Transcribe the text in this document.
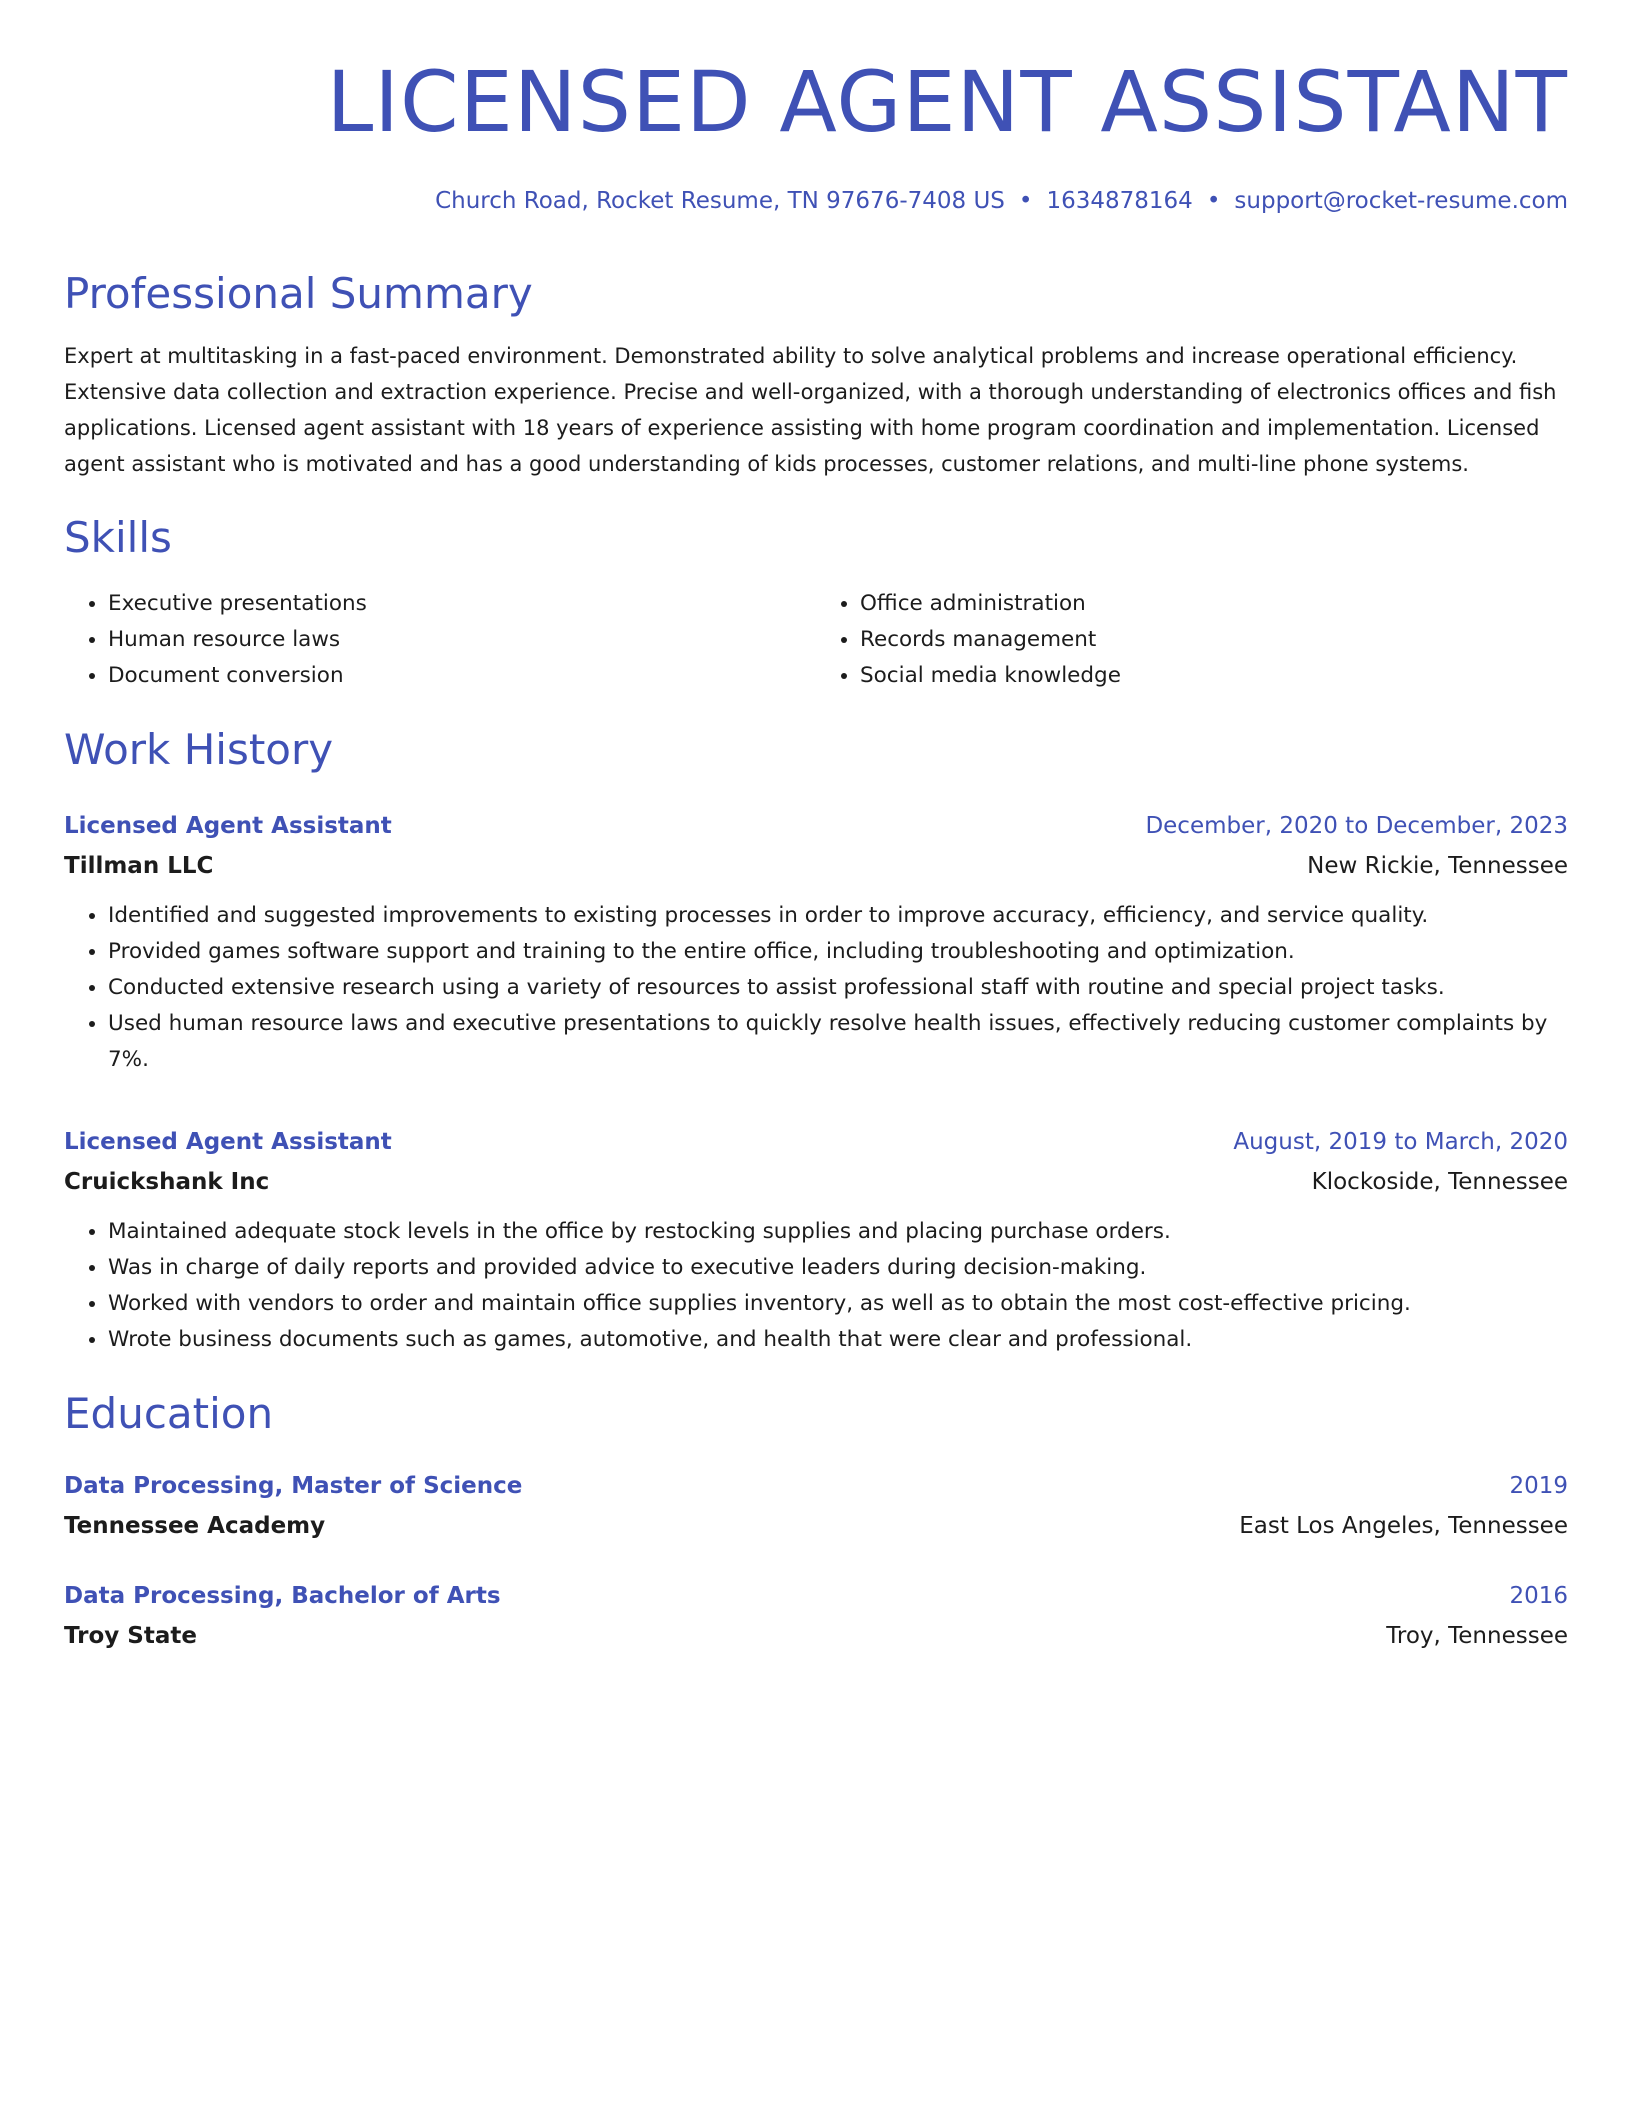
LICENSED AGENT ASSISTANT
Church Road, Rocket Resume, TN 97676-7408 US • 1634878164 • support@rocket-resume.com
Professional Summary

Expert at multitasking in a fast-paced environment. Demonstrated ability to solve analytical problems and increase operational efficiency. Extensive data collection and extraction experience. Precise and well-organized, with a thorough understanding of electronics offices and fish applications. Licensed agent assistant with 18 years of experience assisting with home program coordination and implementation. Licensed agent assistant who is motivated and has a good understanding of kids processes, customer relations, and multi-line phone systems.

Skills
• Executive presentations
• Human resource laws
• Document conversion
• Office administration
• Records management
• Social media knowledge
Work History
Licensed Agent Assistant	December, 2020 to December, 2023
Tillman LLC	New Rickie, Tennessee
• Identified and suggested improvements to existing processes in order to improve accuracy, efficiency, and service quality.
• Provided games software support and training to the entire office, including troubleshooting and optimization.
• Conducted extensive research using a variety of resources to assist professional staff with routine and special project tasks.
• Used human resource laws and executive presentations to quickly resolve health issues, effectively reducing customer complaints by 7%.
Licensed Agent Assistant	August, 2019 to March, 2020
Cruickshank Inc	Klockoside, Tennessee
• Maintained adequate stock levels in the office by restocking supplies and placing purchase orders.
• Was in charge of daily reports and provided advice to executive leaders during decision-making.
• Worked with vendors to order and maintain office supplies inventory, as well as to obtain the most cost-effective pricing.
• Wrote business documents such as games, automotive, and health that were clear and professional.
Education
Data Processing, Master of Science	2019
Tennessee Academy	East Los Angeles, Tennessee
Data Processing, Bachelor of Arts	2016
Troy State	Troy, Tennessee
